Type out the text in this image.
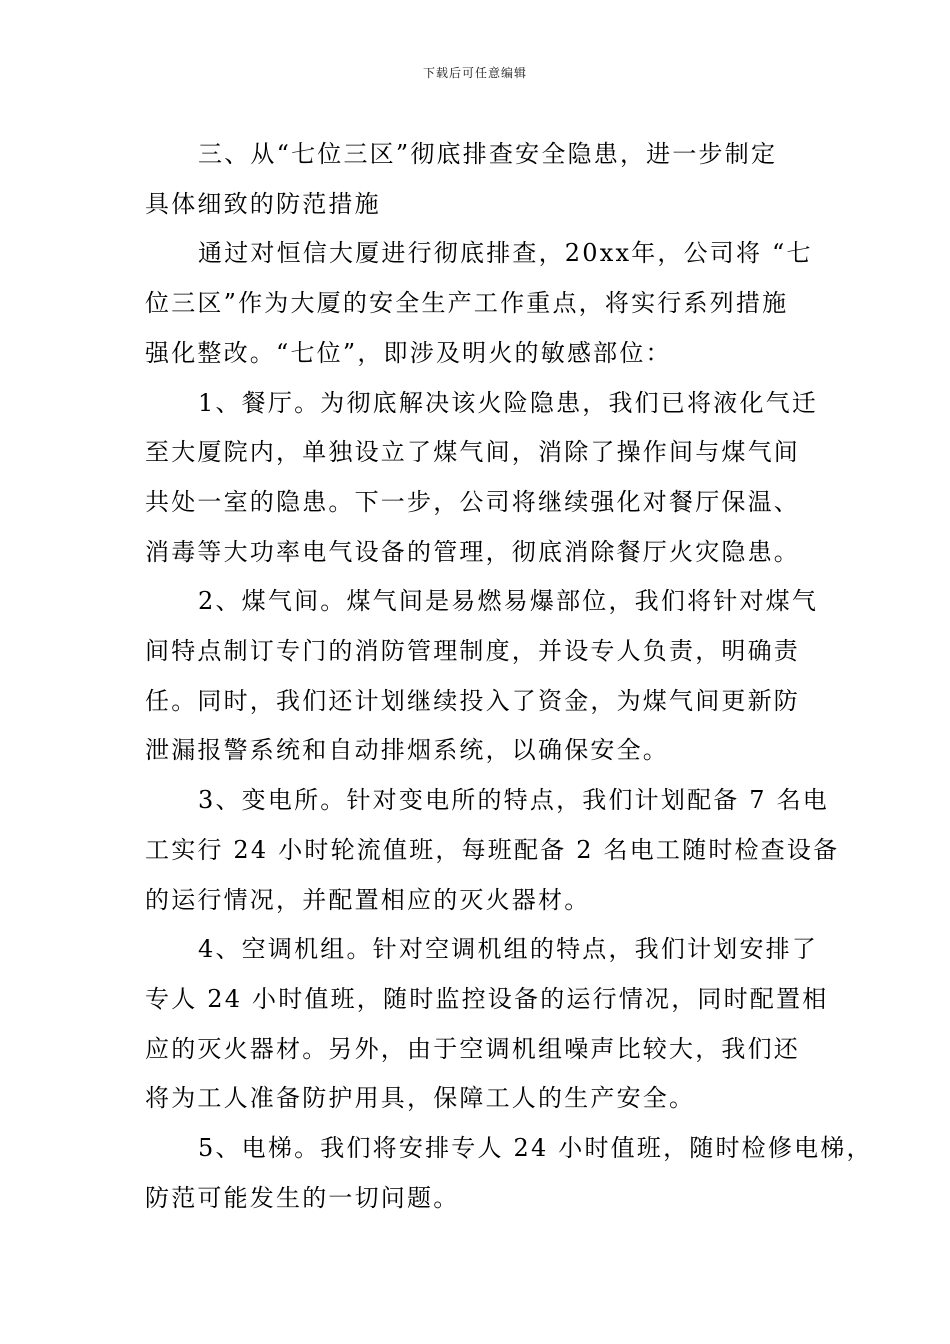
下载后可任意编辑
三、从“七位三区”彻底排查安全隐患，进一步制定
具体细致的防范措施
通过对恒信大厦进行彻底排查，20xx年，公司将 “七
位三区”作为大厦的安全生产工作重点，将实行系列措施
强化整改。“七位”，即涉及明火的敏感部位：
1、餐厅。为彻底解决该火险隐患，我们已将液化气迁
至大厦院内，单独设立了煤气间，消除了操作间与煤气间
共处一室的隐患。下一步，公司将继续强化对餐厅保温、
消毒等大功率电气设备的管理，彻底消除餐厅火灾隐患。
2、煤气间。煤气间是易燃易爆部位，我们将针对煤气
间特点制订专门的消防管理制度，并设专人负责，明确责
任。同时，我们还计划继续投入了资金，为煤气间更新防
泄漏报警系统和自动排烟系统，以确保安全。
3、变电所。针对变电所的特点，我们计划配备 7 名电
工实行 24 小时轮流值班，每班配备 2 名电工随时检查设备
的运行情况，并配置相应的灭火器材。
4、空调机组。针对空调机组的特点，我们计划安排了
专人 24 小时值班，随时监控设备的运行情况，同时配置相
应的灭火器材。另外，由于空调机组噪声比较大，我们还
将为工人准备防护用具，保障工人的生产安全。
5、电梯。我们将安排专人 24 小时值班，随时检修电梯，
防范可能发生的一切问题。
